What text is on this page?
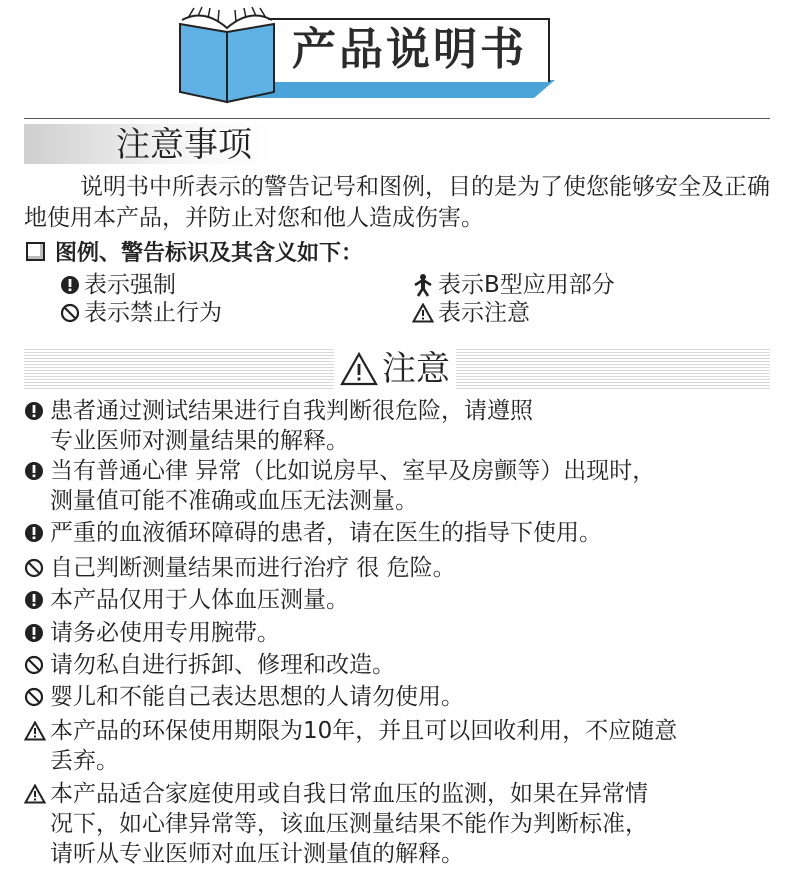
产品说明书
注意事项

说明书中所表示的警告记号和图例，目的是为了使您能够安全及正确地使用本产品，并防止对您和他人造成伤害。

图例、警告标识及其含义如下：
表示强制
表示禁止行为
表示B型应用部分
表示注意
注意
患者通过测试结果进行自我判断很危险，请遵照
专业医师对测量结果的解释。
当有普通心律 异常（比如说房早、室早及房颤等）出现时，
测量值可能不准确或血压无法测量。
严重的血液循环障碍的患者，请在医生的指导下使用。
自己判断测量结果而进行治疗 很 危险。
本产品仅用于人体血压测量。
请务必使用专用腕带。
请勿私自进行拆卸、修理和改造。
婴儿和不能自己表达思想的人请勿使用。
本产品的环保使用期限为10年，并且可以回收利用，不应随意
丢弃。
本产品适合家庭使用或自我日常血压的监测，如果在异常情
况下，如心律异常等，该血压测量结果不能作为判断标准，
请听从专业医师对血压计测量值的解释。
